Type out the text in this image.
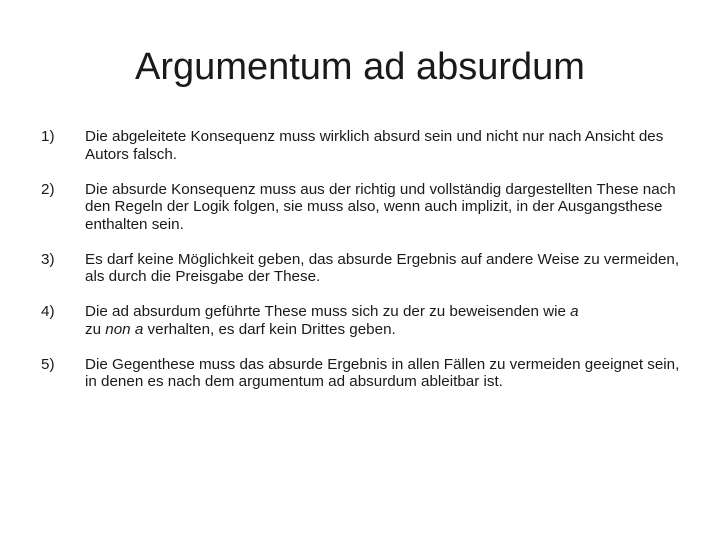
Argumentum ad absurdum
1)	Die abgeleitete Konsequenz muss wirklich absurd sein und nicht nur nach Ansicht des Autors falsch.
2)	Die absurde Konsequenz muss aus der richtig und vollständig dargestellten These nach den Regeln der Logik folgen, sie muss also, wenn auch implizit, in der Ausgangsthese enthalten sein.
3)	Es darf keine Möglichkeit geben, das absurde Ergebnis auf andere Weise zu vermeiden, als durch die Preisgabe der These.
4)	Die ad absurdum geführte These muss sich zu der zu beweisenden wie a
zu non a verhalten, es darf kein Drittes geben.
5)	Die Gegenthese muss das absurde Ergebnis in allen Fällen zu vermeiden geeignet sein, in denen es nach dem argumentum ad absurdum ableitbar ist.
